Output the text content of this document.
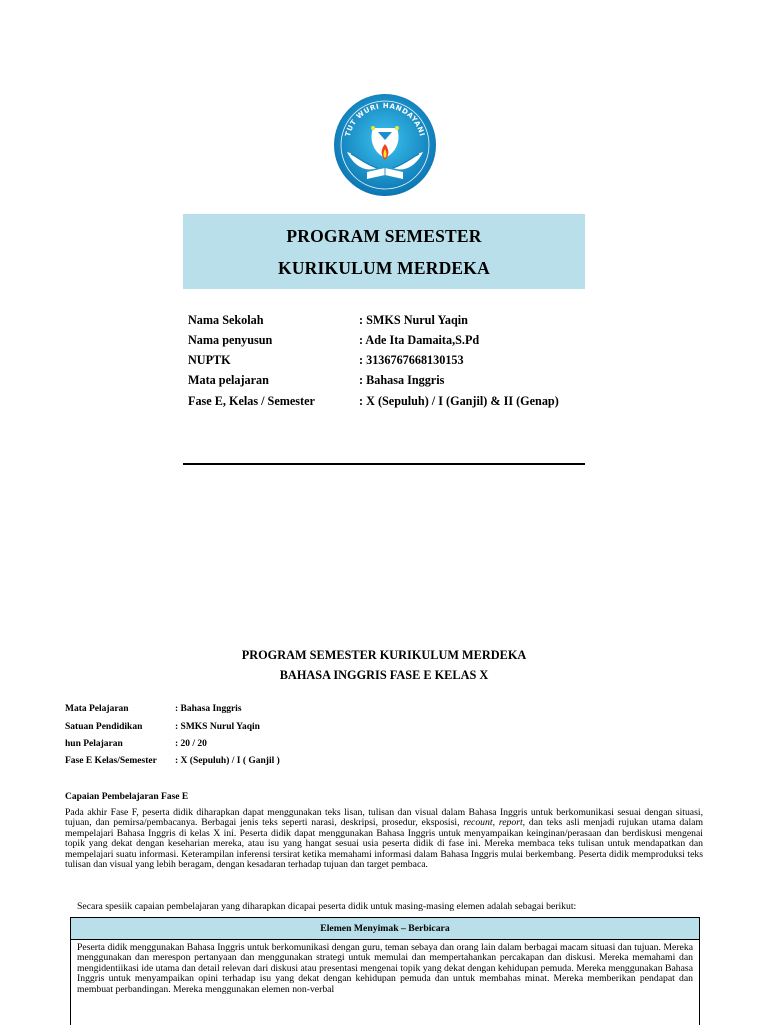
TUT WURI HANDAYANI
PROGRAM SEMESTER
KURIKULUM MERDEKA
Nama Sekolah	: SMKS Nurul Yaqin
Nama penyusun	: Ade Ita Damaita,S.Pd
NUPTK	: 3136767668130153
Mata pelajaran	: Bahasa Inggris
Fase E, Kelas / Semester	: X (Sepuluh) / I (Ganjil) & II (Genap)
PROGRAM SEMESTER KURIKULUM MERDEKA
BAHASA INGGRIS FASE E KELAS X
Mata Pelajaran	: Bahasa Inggris
Satuan Pendidikan	: SMKS Nurul Yaqin
hun Pelajaran	: 20 / 20
Fase E Kelas/Semester : X (Sepuluh) / I ( Ganjil )
Capaian Pembelajaran Fase E
Pada akhir Fase F, peserta didik diharapkan dapat menggunakan teks lisan, tulisan dan visual dalam Bahasa Inggris untuk berkomunikasi sesuai dengan situasi, tujuan, dan pemirsa/pembacanya. Berbagai jenis teks seperti narasi, deskripsi, prosedur, eksposisi, recount, report, dan teks asli menjadi rujukan utama dalam mempelajari Bahasa Inggris di kelas X ini. Peserta didik dapat menggunakan Bahasa Inggris untuk menyampaikan keinginan/perasaan dan berdiskusi mengenai topik yang dekat dengan keseharian mereka, atau isu yang hangat sesuai usia peserta didik di fase ini. Mereka membaca teks tulisan untuk mendapatkan dan mempelajari suatu informasi. Keterampilan inferensi tersirat ketika memahami informasi dalam Bahasa Inggris mulai berkembang. Peserta didik memproduksi teks tulisan dan visual yang lebih beragam, dengan kesadaran terhadap tujuan dan target pembaca.
Secara spesiik capaian pembelajaran yang diharapkan dicapai peserta didik untuk masing-masing elemen adalah sebagai berikut:
Elemen Menyimak – Berbicara
Peserta didik menggunakan Bahasa Inggris untuk berkomunikasi dengan guru, teman sebaya dan orang lain dalam berbagai macam situasi dan tujuan. Mereka menggunakan dan merespon pertanyaan dan menggunakan strategi untuk memulai dan mempertahankan percakapan dan diskusi. Mereka memahami dan mengidentiikasi ide utama dan detail relevan dari diskusi atau presentasi mengenai topik yang dekat dengan kehidupan pemuda. Mereka menggunakan Bahasa Inggris untuk menyampaikan opini terhadap isu yang dekat dengan kehidupan pemuda dan untuk membahas minat. Mereka memberikan pendapat dan membuat perbandingan. Mereka menggunakan elemen non-verbal
